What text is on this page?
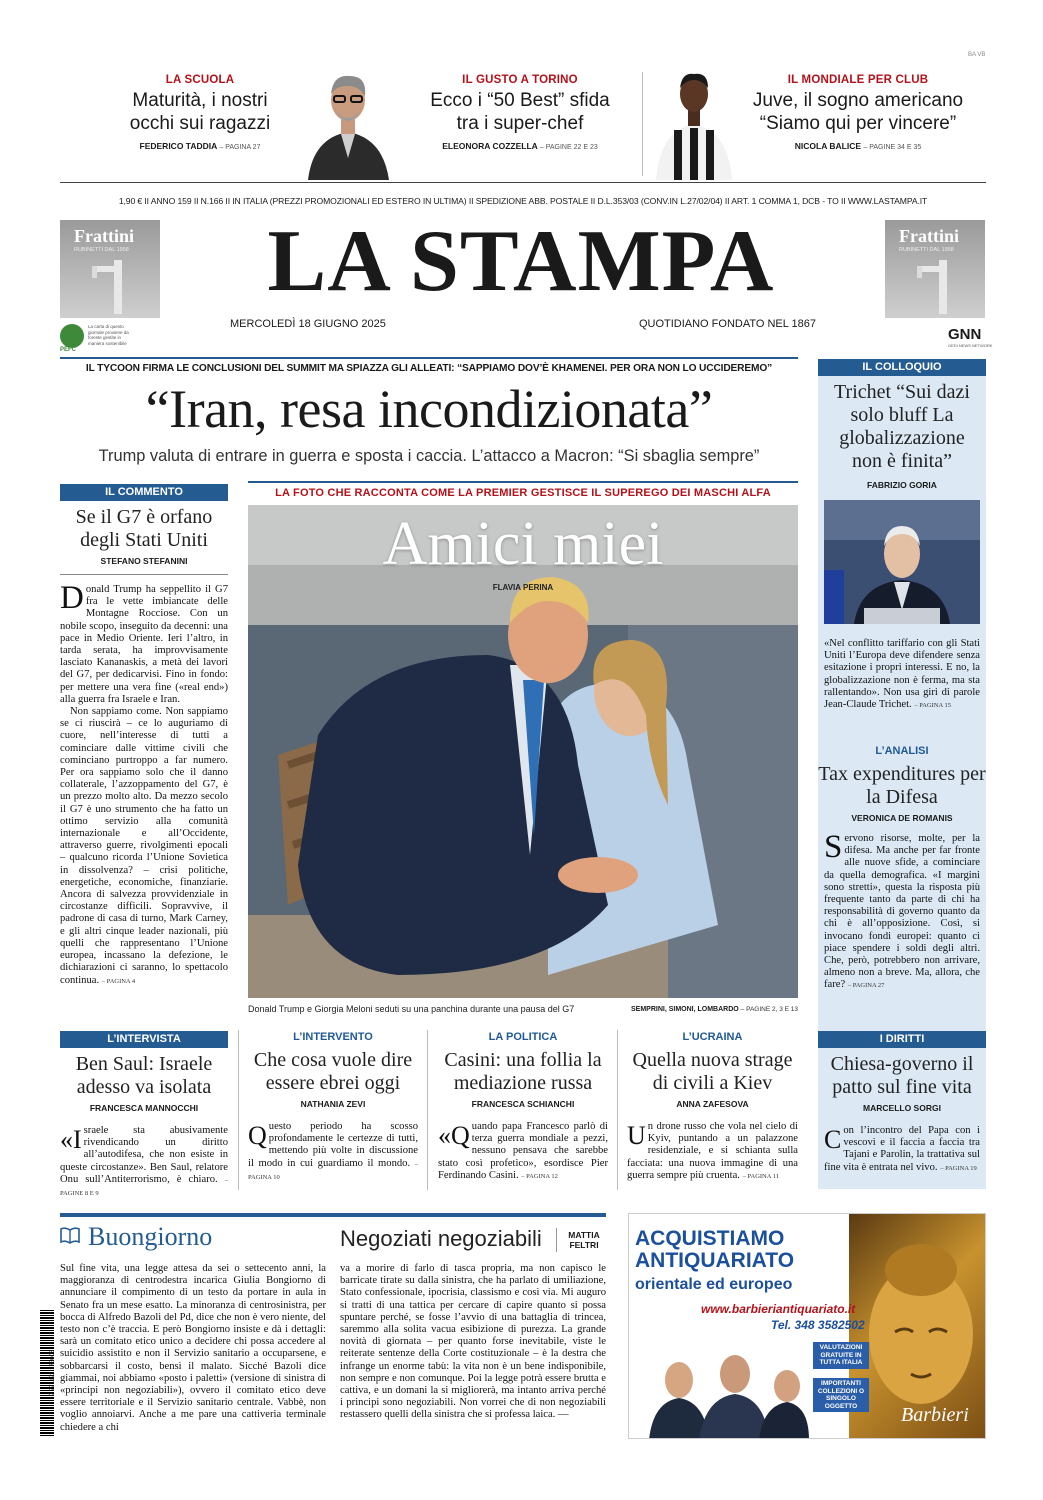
BA VB
LA SCUOLA
Maturità, i nostri occhi sui ragazzi
FEDERICO TADDIA – PAGINA 27
IL GUSTO A TORINO
Ecco i “50 Best” sfida tra i super-chef
ELEONORA COZZELLA – PAGINE 22 E 23
IL MONDIALE PER CLUB
Juve, il sogno americano “Siamo qui per vincere”
NICOLA BALICE – PAGINE 34 E 35
1,90 € II ANNO 159 II N.166 II IN ITALIA (PREZZI PROMOZIONALI ED ESTERO IN ULTIMA) II SPEDIZIONE ABB. POSTALE II D.L.353/03 (CONV.IN L.27/02/04) II ART. 1 COMMA 1, DCB - TO II WWW.LASTAMPA.IT
Frattini
RUBINETTI DAL 1958
Frattini
RUBINETTI DAL 1958
LA STAMPA
MERCOLEDÌ 18 GIUGNO 2025	QUOTIDIANO FONDATO NEL 1867
PEFC
La carta di questo giornale proviene da foreste gestite in maniera sostenibile	GNN
GEDI NEWS NETWORK
IL TYCOON FIRMA LE CONCLUSIONI DEL SUMMIT MA SPIAZZA GLI ALLEATI: “SAPPIAMO DOV’È KHAMENEI. PER ORA NON LO UCCIDEREMO”
“Iran, resa incondizionata”
Trump valuta di entrare in guerra e sposta i caccia. L’attacco a Macron: “Si sbaglia sempre”
IL COMMENTO
Se il G7 è orfano degli Stati Uniti
STEFANO STEFANINI
Donald Trump ha seppellito il G7 fra le vette imbiancate delle Montagne Rocciose. Con un nobile scopo, inseguito da decenni: una pace in Medio Oriente. Ieri l’altro, in tarda serata, ha improvvisamente lasciato Kananaskis, a metà dei lavori del G7, per dedicarvisi. Fino in fondo: per mettere una vera fine («real end») alla guerra fra Israele e Iran.

Non sappiamo come. Non sappiamo se ci riuscirà – ce lo auguriamo di cuore, nell’interesse di tutti a cominciare dalle vittime civili che cominciano purtroppo a far numero. Per ora sappiamo solo che il danno collaterale, l’azzoppamento del G7, è un prezzo molto alto. Da mezzo secolo il G7 è uno strumento che ha fatto un ottimo servizio alla comunità internazionale e all’Occidente, attraverso guerre, rivolgimenti epocali – qualcuno ricorda l’Unione Sovietica in dissolvenza? – crisi politiche, energetiche, economiche, finanziarie. Ancora di salvezza provvidenziale in circostanze difficili. Sopravvive, il padrone di casa di turno, Mark Carney, e gli altri cinque leader nazionali, più quelli che rappresentano l’Unione europea, incassano la defezione, le dichiarazioni ci saranno, lo spettacolo continua. – PAGINA 4

LA FOTO CHE RACCONTA COME LA PREMIER GESTISCE IL SUPEREGO DEI MASCHI ALFA
Amici miei
FLAVIA PERINA
Donald Trump e Giorgia Meloni seduti su una panchina durante una pausa del G7	SEMPRINI, SIMONI, LOMBARDO – PAGINE 2, 3 E 13
IL COLLOQUIO
Trichet “Sui dazi solo bluff La globalizzazione non è finita”
FABRIZIO GORIA
«Nel conflitto tariffario con gli Stati Uniti l’Europa deve difendere senza esitazione i propri interessi. E no, la globalizzazione non è ferma, ma sta rallentando». Non usa giri di parole Jean-Claude Trichet. – PAGINA 15
L’ANALISI
Tax expenditures per la Difesa
VERONICA DE ROMANIS
Servono risorse, molte, per la difesa. Ma anche per far fronte alle nuove sfide, a cominciare da quella demografica. «I margini sono stretti», questa la risposta più frequente tanto da parte di chi ha responsabilità di governo quanto da chi è all’opposizione. Così, si invocano fondi europei: quanto ci piace spendere i soldi degli altri. Che, però, potrebbero non arrivare, almeno non a breve. Ma, allora, che fare? – PAGINA 27
L’INTERVISTA
Ben Saul: Israele adesso va isolata
FRANCESCA MANNOCCHI
«Israele sta abusivamente rivendicando un diritto all’autodifesa, che non esiste in queste circostanze». Ben Saul, relatore Onu sull’Antiterrorismo, è chiaro. – PAGINE 8 E 9
L’INTERVENTO
Che cosa vuole dire essere ebrei oggi
NATHANIA ZEVI
Questo periodo ha scosso profondamente le certezze di tutti, mettendo più volte in discussione il modo in cui guardiamo il mondo. – PAGINA 10
LA POLITICA
Casini: una follia la mediazione russa
FRANCESCA SCHIANCHI
«Quando papa Francesco parlò di terza guerra mondiale a pezzi, nessuno pensava che sarebbe stato così profetico», esordisce Pier Ferdinando Casini. – PAGINA 12
L’UCRAINA
Quella nuova strage di civili a Kiev
ANNA ZAFESOVA
Un drone russo che vola nel cielo di Kyiv, puntando a un palazzone residenziale, e si schianta sulla facciata: una nuova immagine di una guerra sempre più cruenta. – PAGINA 11
I DIRITTI
Chiesa-governo il patto sul fine vita
MARCELLO SORGI
Con l’incontro del Papa con i vescovi e il faccia a faccia tra Tajani e Parolin, la trattativa sul fine vita è entrata nel vivo. – PAGINA 19
Buongiorno	Negoziati negoziabili	MATTIA
FELTRI
Sul fine vita, una legge attesa da sei o settecento anni, la maggioranza di centrodestra incarica Giulia Bongiorno di annunciare il compimento di un testo da portare in aula in Senato fra un mese esatto. La minoranza di centrosinistra, per bocca di Alfredo Bazoli del Pd, dice che non è vero niente, del testo non c’è traccia. E però Bongiorno insiste e dà i dettagli: sarà un comitato etico unico a decidere chi possa accedere al suicidio assistito e non il Servizio sanitario a occuparsene, e sobbarcarsi il costo, bensì il malato. Sicché Bazoli dice giammai, noi abbiamo «posto i paletti» (versione di sinistra di «principi non negoziabili»), ovvero il comitato etico deve essere territoriale e il Servizio sanitario centrale. Vabbè, non voglio annoiarvi. Anche a me pare una cattiveria terminale chiedere a chi
va a morire di farlo di tasca propria, ma non capisco le barricate tirate su dalla sinistra, che ha parlato di umiliazione, Stato confessionale, ipocrisia, classismo e così via. Mi auguro si tratti di una tattica per cercare di capire quanto si possa spuntare perché, se fosse l’avvio di una battaglia di trincea, saremmo alla solita vacua esibizione di purezza. La grande novità di giornata – per quanto forse inevitabile, viste le reiterate sentenze della Corte costituzionale – è la destra che infrange un enorme tabù: la vita non è un bene indisponibile, non sempre e non comunque. Poi la legge potrà essere brutta e cattiva, e un domani la si migliorerà, ma intanto arriva perché i principi sono negoziabili. Non vorrei che di non negoziabili restassero quelli della sinistra che si professa laica. —
9 771122 176003
ACQUISTIAMO
ANTIQUARIATO
orientale ed europeo
www.barbieriantiquariato.it
Tel. 348 3582502
VALUTAZIONI GRATUITE IN TUTTA ITALIA
IMPORTANTI COLLEZIONI O SINGOLO OGGETTO	Barbieri
